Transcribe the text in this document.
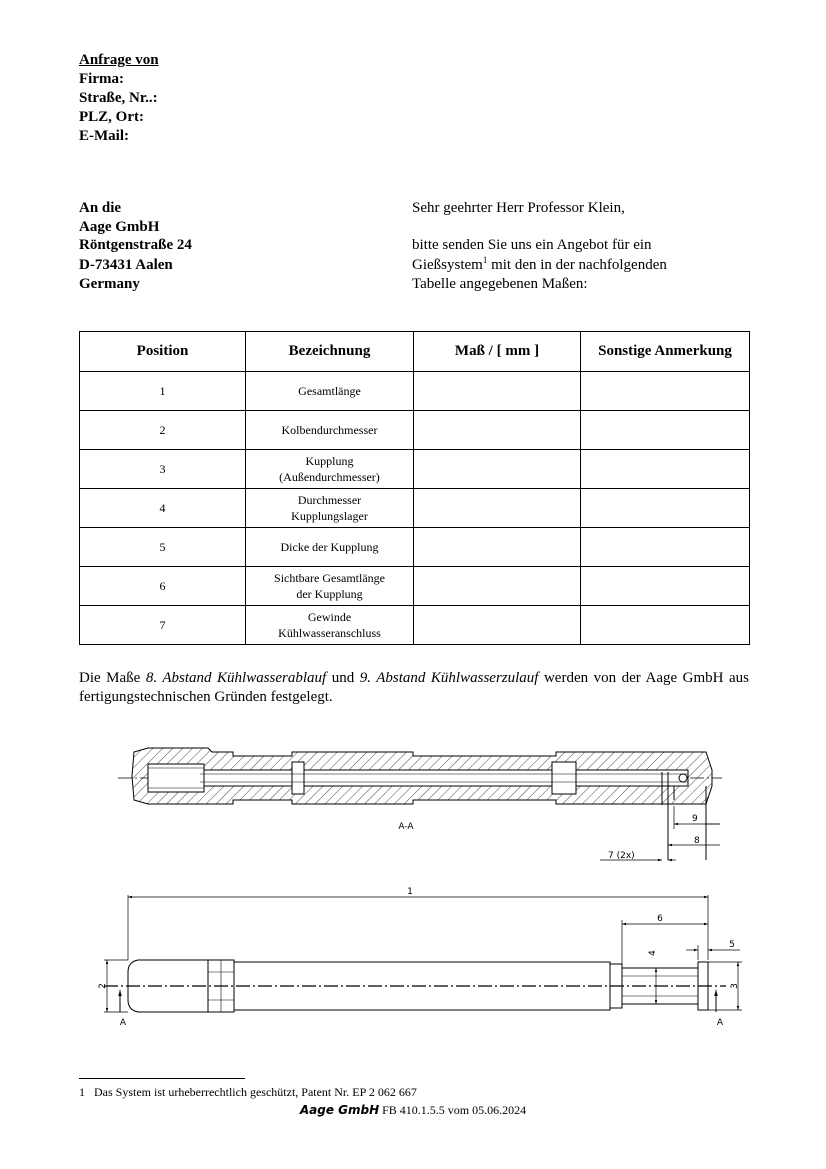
Anfrage von
Firma:
Straße, Nr..:
PLZ, Ort:
E-Mail:
An die
Aage GmbH
Röntgenstraße 24
D-73431 Aalen
Germany
Sehr geehrter Herr Professor Klein,
bitte senden Sie uns ein Angebot für ein
Gießsystem$^1$ mit den in der nachfolgenden
Tabelle angegebenen Maßen:
Position	Bezeichnung	Maß / [ mm ]	Sonstige Anmerkung
1	Gesamtlänge		
2	Kolbendurchmesser		
3	Kupplung
(Außendurchmesser)		
4	Durchmesser
Kupplungslager		
5	Dicke der Kupplung		
6	Sichtbare Gesamtlänge
der Kupplung		
7	Gewinde
Kühlwasseranschluss		
Die Maße 8. Abstand Kühlwasserablauf und 9. Abstand Kühlwasserzulauf werden von der Aage GmbH aus fertigungstechnischen Gründen festgelegt.
A-A
9
8
7 (2x)
1
6
5
2
4
3
A	A
1 Das System ist urheberrechtlich geschützt, Patent Nr. EP 2 062 667
Aage GmbH FB 410.1.5.5 vom 05.06.2024
